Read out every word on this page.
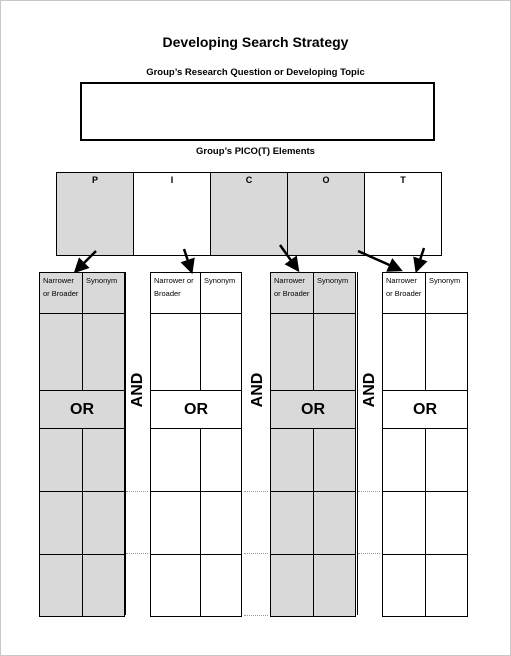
Developing Search Strategy
Group’s Research Question or Developing Topic
Group’s PICO(T) Elements
P	I	C	O	T
Narrower or Broader	Synonym

OR	

AND
Narrower or Broader	Synonym

OR	

AND
Narrower or Broader	Synonym

OR	

AND
Narrower or Broader	Synonym

OR	
